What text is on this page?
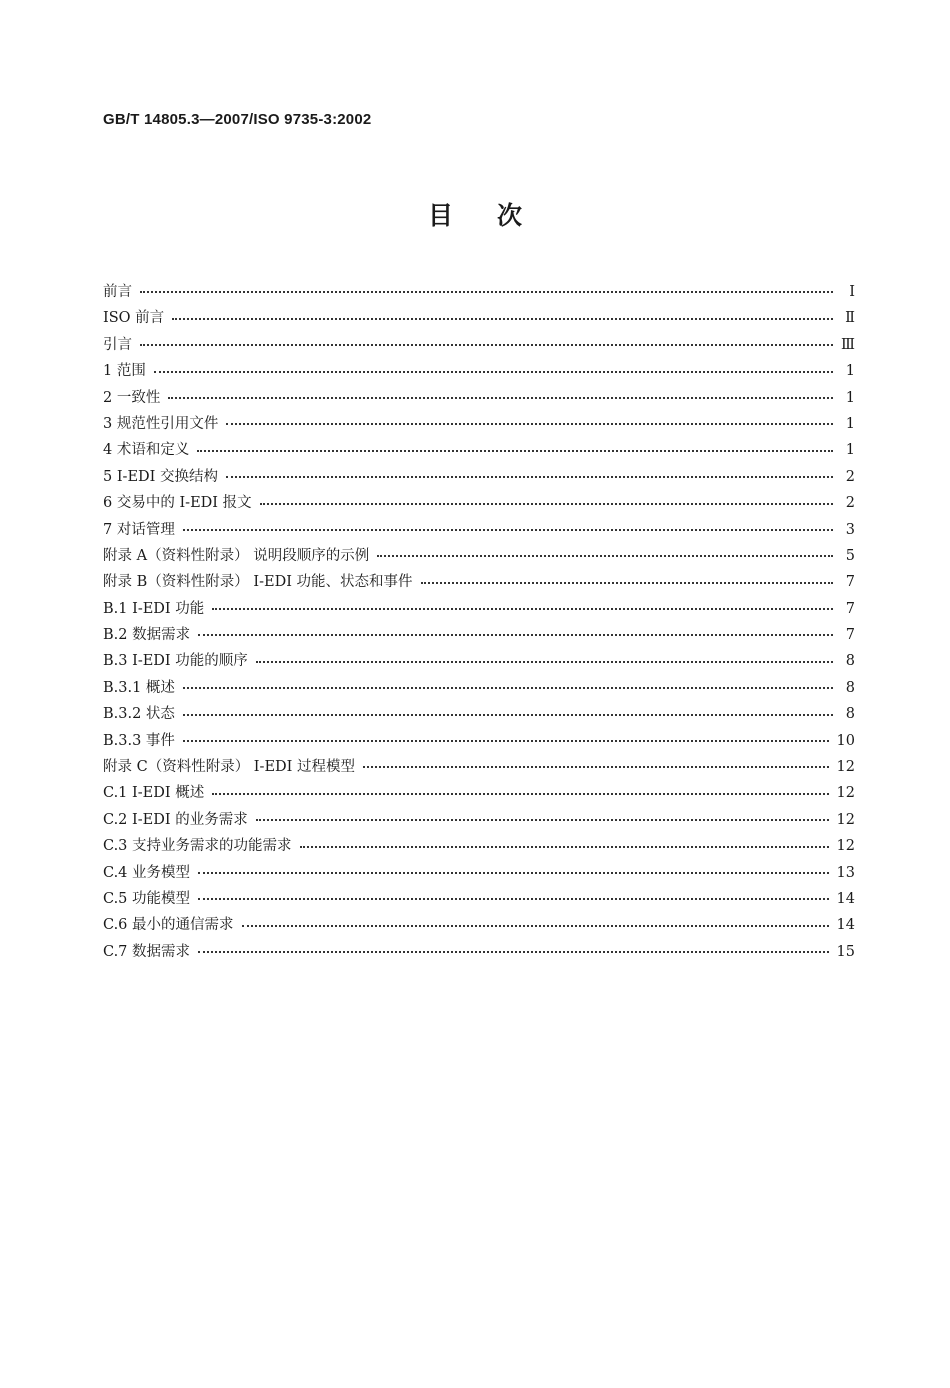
GB/T 14805.3—2007/ISO 9735-3:2002
目次
前言	Ⅰ
ISO 前言	Ⅱ
引言	Ⅲ
1 范围	1
2 一致性	1
3 规范性引用文件	1
4 术语和定义	1
5 I-EDI 交换结构	2
6 交易中的 I-EDI 报文	2
7 对话管理	3
附录 A（资料性附录） 说明段顺序的示例	5
附录 B（资料性附录） I-EDI 功能、状态和事件	7
B.1 I-EDI 功能	7
B.2 数据需求	7
B.3 I-EDI 功能的顺序	8
B.3.1 概述	8
B.3.2 状态	8
B.3.3 事件	10
附录 C（资料性附录） I-EDI 过程模型	12
C.1 I-EDI 概述	12
C.2 I-EDI 的业务需求	12
C.3 支持业务需求的功能需求	12
C.4 业务模型	13
C.5 功能模型	14
C.6 最小的通信需求	14
C.7 数据需求	15
